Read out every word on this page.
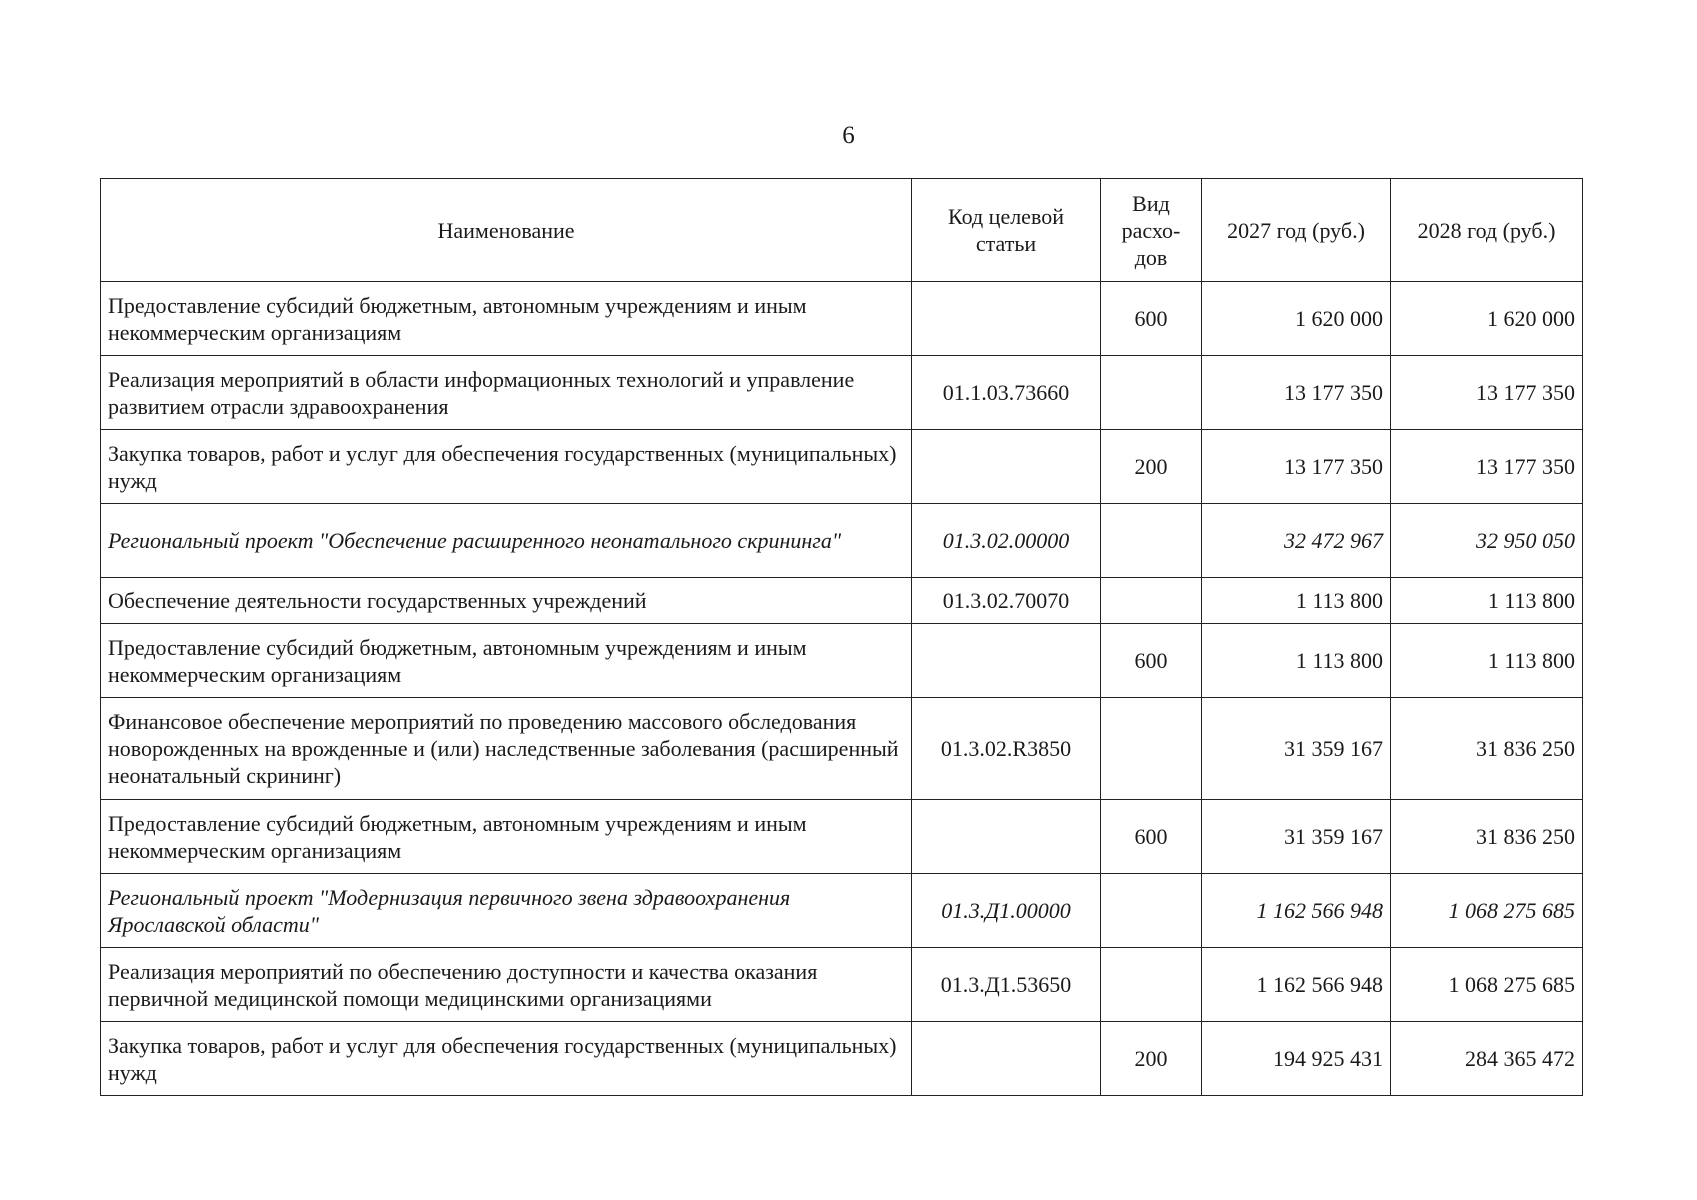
6
Наименование	Код целевой статьи	Вид расхо-дов	2027 год (руб.)	2028 год (руб.)
Предоставление субсидий бюджетным, автономным учреждениям и иным некоммерческим организациям		600	1 620 000	1 620 000
Реализация мероприятий в области информационных технологий и управление развитием отрасли здравоохранения	01.1.03.73660		13 177 350	13 177 350
Закупка товаров, работ и услуг для обеспечения государственных (муниципальных) нужд		200	13 177 350	13 177 350
Региональный проект "Обеспечение расширенного неонатального скрининга"	01.3.02.00000		32 472 967	32 950 050
Обеспечение деятельности государственных учреждений	01.3.02.70070		1 113 800	1 113 800
Предоставление субсидий бюджетным, автономным учреждениям и иным некоммерческим организациям		600	1 113 800	1 113 800
Финансовое обеспечение мероприятий по проведению массового обследования новорожденных на врожденные и (или) наследственные заболевания (расширенный неонатальный скрининг)	01.3.02.R3850		31 359 167	31 836 250
Предоставление субсидий бюджетным, автономным учреждениям и иным некоммерческим организациям		600	31 359 167	31 836 250
Региональный проект "Модернизация первичного звена здравоохранения Ярославской области"	01.3.Д1.00000		1 162 566 948	1 068 275 685
Реализация мероприятий по обеспечению доступности и качества оказания первичной медицинской помощи медицинскими организациями	01.3.Д1.53650		1 162 566 948	1 068 275 685
Закупка товаров, работ и услуг для обеспечения государственных (муниципальных) нужд		200	194 925 431	284 365 472
